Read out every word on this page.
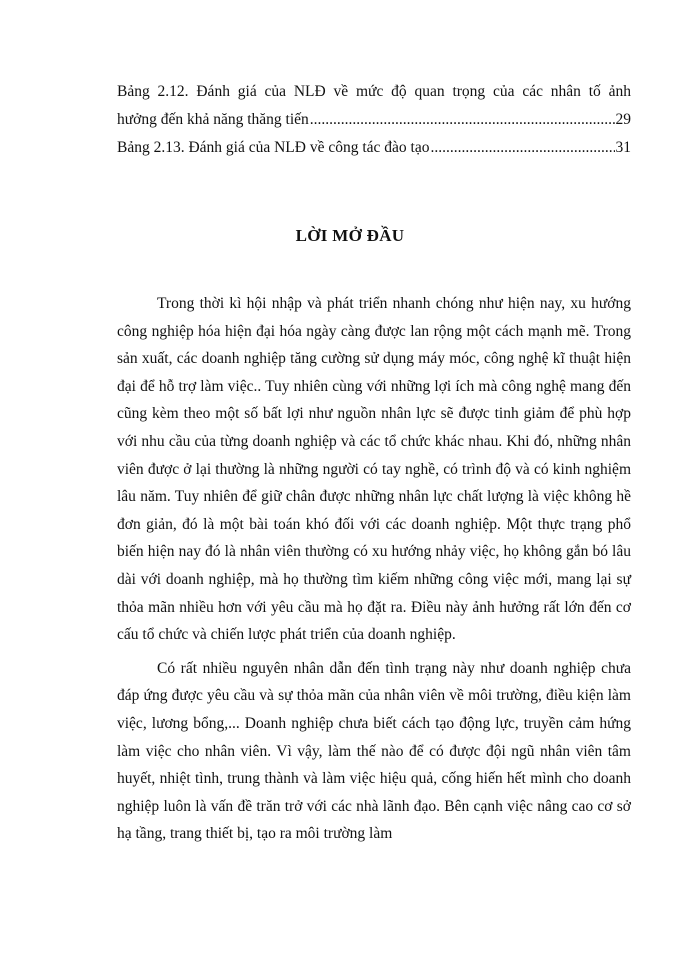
Bảng 2.12. Đánh giá của NLĐ về mức độ quan trọng của các nhân tố ảnh
hưởng đến khả năng thăng tiến .....	29
Bảng 2.13. Đánh giá của NLĐ về công tác đào tạo .....	31
LỜI MỞ ĐẦU

Trong thời kì hội nhập và phát triển nhanh chóng như hiện nay, xu hướng công nghiệp hóa hiện đại hóa ngày càng được lan rộng một cách mạnh mẽ. Trong sản xuất, các doanh nghiệp tăng cường sử dụng máy móc, công nghệ kĩ thuật hiện đại để hỗ trợ làm việc.. Tuy nhiên cùng với những lợi ích mà công nghệ mang đến cũng kèm theo một số bất lợi như nguồn nhân lực sẽ được tinh giảm để phù hợp với nhu cầu của từng doanh nghiệp và các tổ chức khác nhau. Khi đó, những nhân viên được ở lại thường là những người có tay nghề, có trình độ và có kinh nghiệm lâu năm. Tuy nhiên để giữ chân được những nhân lực chất lượng là việc không hề đơn giản, đó là một bài toán khó đối với các doanh nghiệp. Một thực trạng phổ biến hiện nay đó là nhân viên thường có xu hướng nhảy việc, họ không gắn bó lâu dài với doanh nghiệp, mà họ thường tìm kiếm những công việc mới, mang lại sự thỏa mãn nhiều hơn với yêu cầu mà họ đặt ra. Điều này ảnh hưởng rất lớn đến cơ cấu tổ chức và chiến lược phát triển của doanh nghiệp.

Có rất nhiều nguyên nhân dẫn đến tình trạng này như doanh nghiệp chưa đáp ứng được yêu cầu và sự thỏa mãn của nhân viên về môi trường, điều kiện làm việc, lương bổng,... Doanh nghiệp chưa biết cách tạo động lực, truyền cảm hứng làm việc cho nhân viên. Vì vậy, làm thế nào để có được đội ngũ nhân viên tâm huyết, nhiệt tình, trung thành và làm việc hiệu quả, cống hiến hết mình cho doanh nghiệp luôn là vấn đề trăn trở với các nhà lãnh đạo. Bên cạnh việc nâng cao cơ sở hạ tầng, trang thiết bị, tạo ra môi trường làm
